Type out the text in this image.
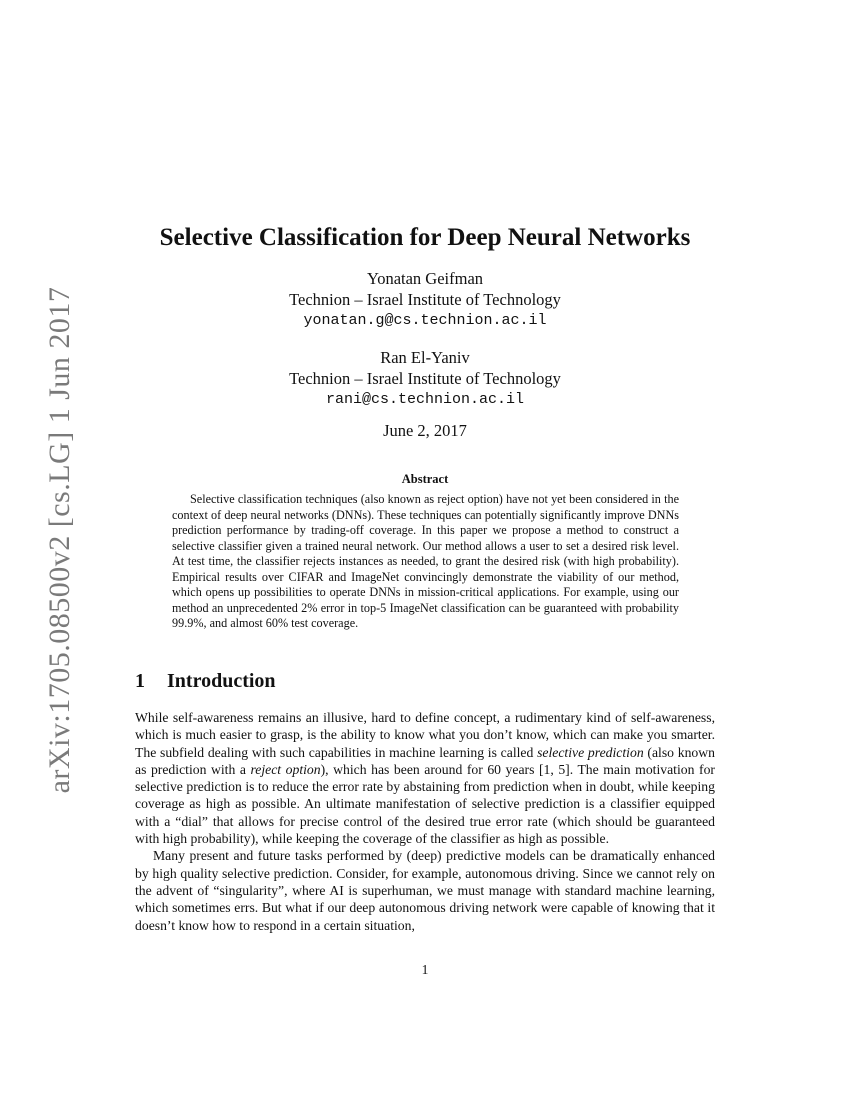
arXiv:1705.08500v2 [cs.LG] 1 Jun 2017
Selective Classification for Deep Neural Networks
Yonatan Geifman
Technion – Israel Institute of Technology
yonatan.g@cs.technion.ac.il
Ran El-Yaniv
Technion – Israel Institute of Technology
rani@cs.technion.ac.il
June 2, 2017
Abstract

Selective classification techniques (also known as reject option) have not yet been considered in the context of deep neural networks (DNNs). These techniques can potentially significantly improve DNNs prediction performance by trading-off coverage. In this paper we propose a method to construct a selective classifier given a trained neural network. Our method allows a user to set a desired risk level. At test time, the classifier rejects instances as needed, to grant the desired risk (with high probability). Empirical results over CIFAR and ImageNet convincingly demonstrate the viability of our method, which opens up possibilities to operate DNNs in mission-critical applications. For example, using our method an unprecedented 2% error in top-5 ImageNet classification can be guaranteed with probability 99.9%, and almost 60% test coverage.

1 Introduction

While self-awareness remains an illusive, hard to define concept, a rudimentary kind of self-awareness, which is much easier to grasp, is the ability to know what you don’t know, which can make you smarter. The subfield dealing with such capabilities in machine learning is called selective prediction (also known as prediction with a reject option), which has been around for 60 years [1, 5]. The main motivation for selective prediction is to reduce the error rate by abstaining from prediction when in doubt, while keeping coverage as high as possible. An ultimate manifestation of selective prediction is a classifier equipped with a “dial” that allows for precise control of the desired true error rate (which should be guaranteed with high probability), while keeping the coverage of the classifier as high as possible.

Many present and future tasks performed by (deep) predictive models can be dramatically enhanced by high quality selective prediction. Consider, for example, autonomous driving. Since we cannot rely on the advent of “singularity”, where AI is superhuman, we must manage with standard machine learning, which sometimes errs. But what if our deep autonomous driving network were capable of knowing that it doesn’t know how to respond in a certain situation,

1
